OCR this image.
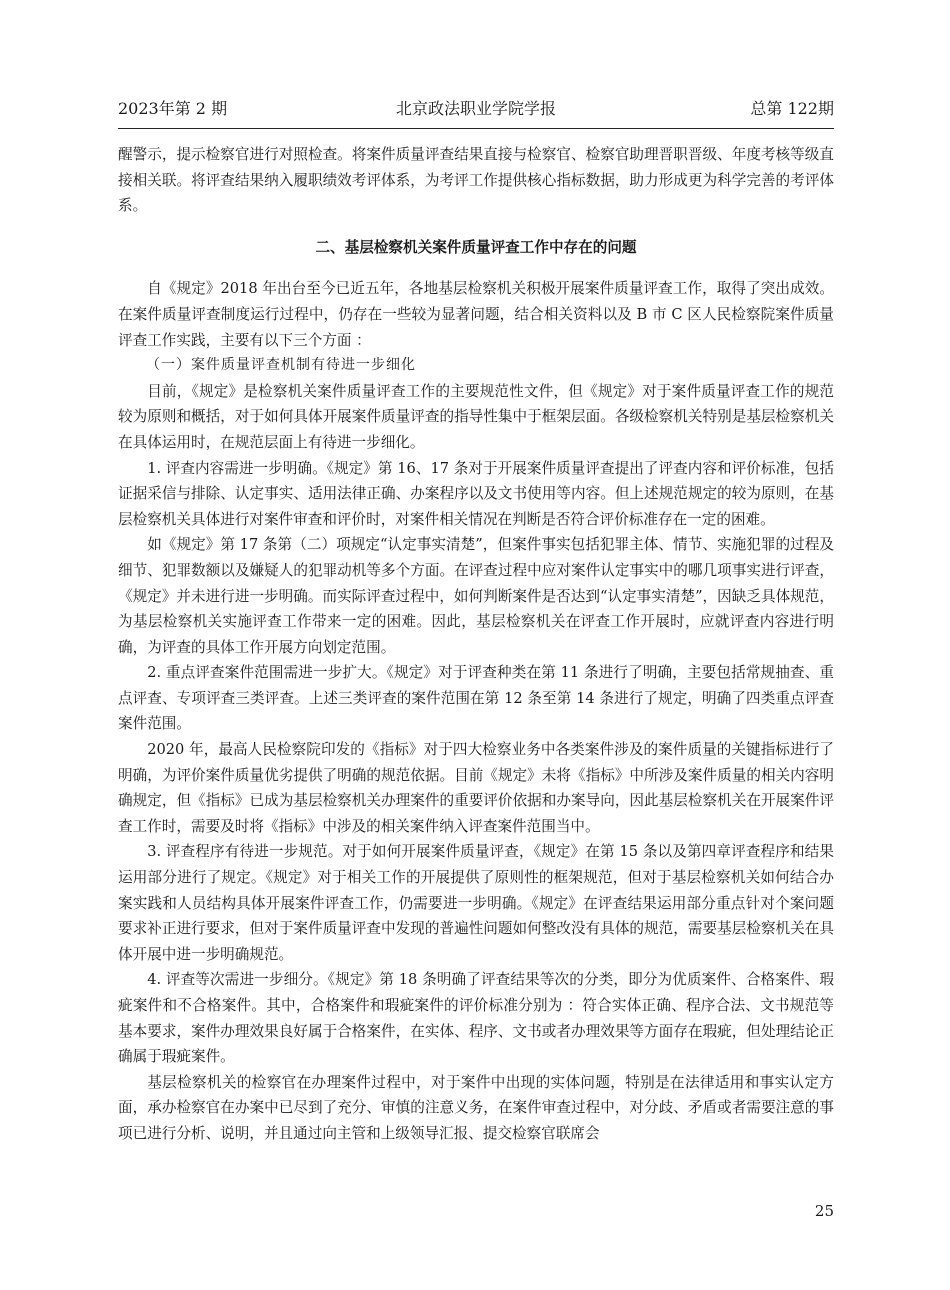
2023年第 2 期	北京政法职业学院学报	总第 122期

醒警示，提示检察官进行对照检查。将案件质量评查结果直接与检察官、检察官助理晋职晋级、年度考核等级直接相关联。将评查结果纳入履职绩效考评体系，为考评工作提供核心指标数据，助力形成更为科学完善的考评体系。

二、基层检察机关案件质量评查工作中存在的问题

自《规定》2018 年出台至今已近五年，各地基层检察机关积极开展案件质量评查工作，取得了突出成效。在案件质量评查制度运行过程中，仍存在一些较为显著问题，结合相关资料以及 B 市 C 区人民检察院案件质量评查工作实践，主要有以下三个方面 ：

（一）案件质量评查机制有待进一步细化

目前，《规定》是检察机关案件质量评查工作的主要规范性文件，但《规定》对于案件质量评查工作的规范较为原则和概括，对于如何具体开展案件质量评查的指导性集中于框架层面。各级检察机关特别是基层检察机关在具体运用时，在规范层面上有待进一步细化。

1. 评查内容需进一步明确。《规定》第 16、17 条对于开展案件质量评查提出了评查内容和评价标准，包括证据采信与排除、认定事实、适用法律正确、办案程序以及文书使用等内容。但上述规范规定的较为原则，在基层检察机关具体进行对案件审查和评价时，对案件相关情况在判断是否符合评价标准存在一定的困难。

如《规定》第 17 条第（二）项规定“认定事实清楚”，但案件事实包括犯罪主体、情节、实施犯罪的过程及细节、犯罪数额以及嫌疑人的犯罪动机等多个方面。在评查过程中应对案件认定事实中的哪几项事实进行评查，《规定》并未进行进一步明确。而实际评查过程中，如何判断案件是否达到“认定事实清楚”，因缺乏具体规范，为基层检察机关实施评查工作带来一定的困难。因此，基层检察机关在评查工作开展时，应就评查内容进行明确，为评查的具体工作开展方向划定范围。

2. 重点评查案件范围需进一步扩大。《规定》对于评查种类在第 11 条进行了明确，主要包括常规抽查、重点评查、专项评查三类评查。上述三类评查的案件范围在第 12 条至第 14 条进行了规定，明确了四类重点评查案件范围。

2020 年，最高人民检察院印发的《指标》对于四大检察业务中各类案件涉及的案件质量的关键指标进行了明确，为评价案件质量优劣提供了明确的规范依据。目前《规定》未将《指标》中所涉及案件质量的相关内容明确规定，但《指标》已成为基层检察机关办理案件的重要评价依据和办案导向，因此基层检察机关在开展案件评查工作时，需要及时将《指标》中涉及的相关案件纳入评查案件范围当中。

3. 评查程序有待进一步规范。对于如何开展案件质量评查，《规定》在第 15 条以及第四章评查程序和结果运用部分进行了规定。《规定》对于相关工作的开展提供了原则性的框架规范，但对于基层检察机关如何结合办案实践和人员结构具体开展案件评查工作，仍需要进一步明确。《规定》在评查结果运用部分重点针对个案问题要求补正进行要求，但对于案件质量评查中发现的普遍性问题如何整改没有具体的规范，需要基层检察机关在具体开展中进一步明确规范。

4. 评查等次需进一步细分。《规定》第 18 条明确了评查结果等次的分类，即分为优质案件、合格案件、瑕疵案件和不合格案件。其中，合格案件和瑕疵案件的评价标准分别为 ：符合实体正确、程序合法、文书规范等基本要求，案件办理效果良好属于合格案件，在实体、程序、文书或者办理效果等方面存在瑕疵，但处理结论正确属于瑕疵案件。

基层检察机关的检察官在办理案件过程中，对于案件中出现的实体问题，特别是在法律适用和事实认定方面，承办检察官在办案中已尽到了充分、审慎的注意义务，在案件审查过程中，对分歧、矛盾或者需要注意的事项已进行分析、说明，并且通过向主管和上级领导汇报、提交检察官联席会

25
